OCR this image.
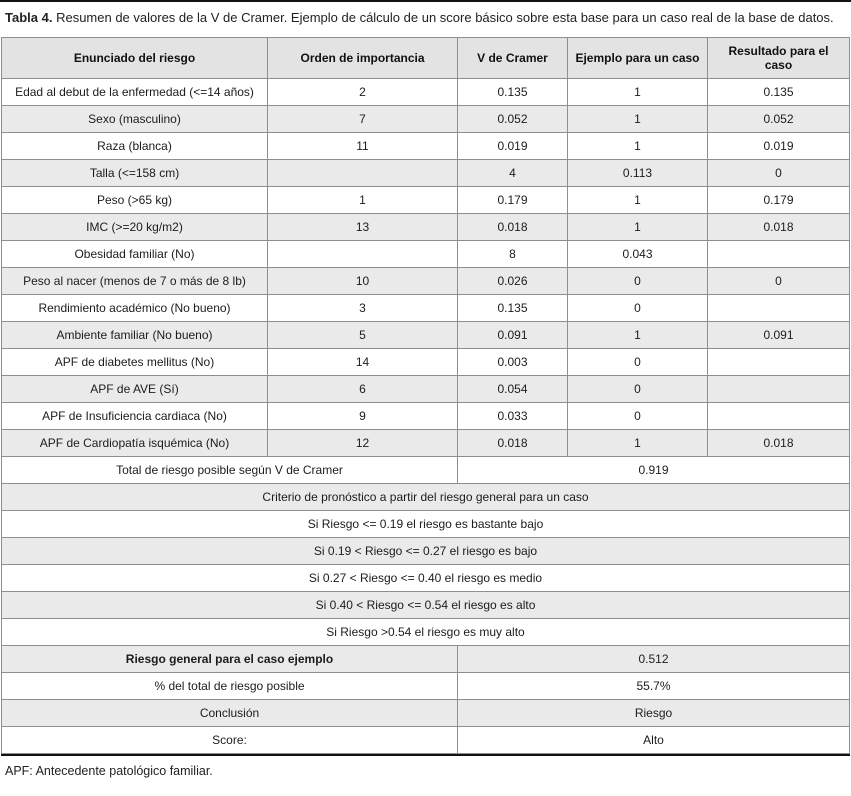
Tabla 4. Resumen de valores de la V de Cramer. Ejemplo de cálculo de un score básico sobre esta base para un caso real de la base de datos.
Enunciado del riesgo	Orden de importancia	V de Cramer	Ejemplo para un caso	Resultado para el caso
Edad al debut de la enfermedad (<=14 años)	2	0.135	1	0.135
Sexo (masculino)	7	0.052	1	0.052
Raza (blanca)	11	0.019	1	0.019
Talla (<=158 cm)		4	0.113	0
Peso (>65 kg)	1	0.179	1	0.179
IMC (>=20 kg/m2)	13	0.018	1	0.018
Obesidad familiar (No)		8	0.043	
Peso al nacer (menos de 7 o más de 8 lb)	10	0.026	0	0
Rendimiento académico (No bueno)	3	0.135	0	
Ambiente familiar (No bueno)	5	0.091	1	0.091
APF de diabetes mellitus (No)	14	0.003	0	
APF de AVE (Sí)	6	0.054	0	
APF de Insuficiencia cardiaca (No)	9	0.033	0	
APF de Cardiopatía isquémica (No)	12	0.018	1	0.018
Total de riesgo posible según V de Cramer		0.919		
Criterio de pronóstico a partir del riesgo general para un caso				
Si Riesgo <= 0.19 el riesgo es bastante bajo				
Si 0.19 < Riesgo <= 0.27 el riesgo es bajo				
Si 0.27 < Riesgo <= 0.40 el riesgo es medio				
Si 0.40 < Riesgo <= 0.54 el riesgo es alto				
Si Riesgo >0.54 el riesgo es muy alto				
Riesgo general para el caso ejemplo		0.512		
% del total de riesgo posible		55.7%		
Conclusión		Riesgo		
Score:		Alto		
APF: Antecedente patológico familiar.
